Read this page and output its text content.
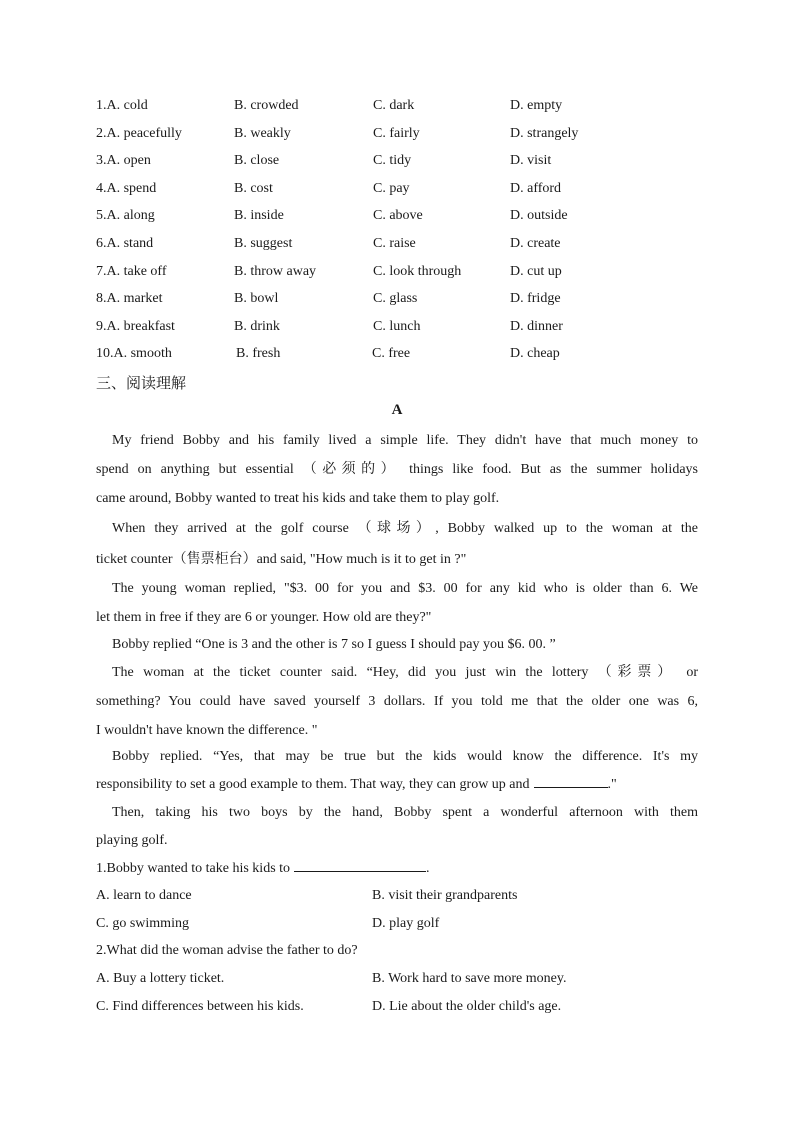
1.A. cold	B. crowded	C. dark	D. empty
2.A. peacefully	B. weakly	C. fairly	D. strangely
3.A. open	B. close	C. tidy	D. visit
4.A. spend	B. cost	C. pay	D. afford
5.A. along	B. inside	C. above	D. outside
6.A. stand	B. suggest	C. raise	D. create
7.A. take off	B. throw away	C. look through	D. cut up
8.A. market	B. bowl	C. glass	D. fridge
9.A. breakfast	B. drink	C. lunch	D. dinner
10.A. smooth	B. fresh	C. free	D. cheap
三、阅读理解
A
My friend Bobby and his family lived a simple life. They didn't have that much money to
spend on anything but essential （必须的） things like food. But as the summer holidays
came around, Bobby wanted to treat his kids and take them to play golf.
When they arrived at the golf course （球场）, Bobby walked up to the woman at the
ticket counter（售票柜台）and said, "How much is it to get in ?"
The young woman replied, "$3. 00 for you and $3. 00 for any kid who is older than 6. We
let them in free if they are 6 or younger. How old are they?"
Bobby replied “One is 3 and the other is 7 so I guess I should pay you $6. 00. ”
The woman at the ticket counter said. “Hey, did you just win the lottery （彩票） or
something? You could have saved yourself 3 dollars. If you told me that the older one was 6,
I wouldn't have known the difference. "
Bobby replied. “Yes, that may be true but the kids would know the difference. It's my
responsibility to set a good example to them. That way, they can grow up and	."
Then, taking his two boys by the hand, Bobby spent a wonderful afternoon with them
playing golf.
1.Bobby wanted to take his kids to	.
A. learn to dance	B. visit their grandparents
C. go swimming	D. play golf
2.What did the woman advise the father to do?
A. Buy a lottery ticket.	B. Work hard to save more money.
C. Find differences between his kids.	D. Lie about the older child's age.
